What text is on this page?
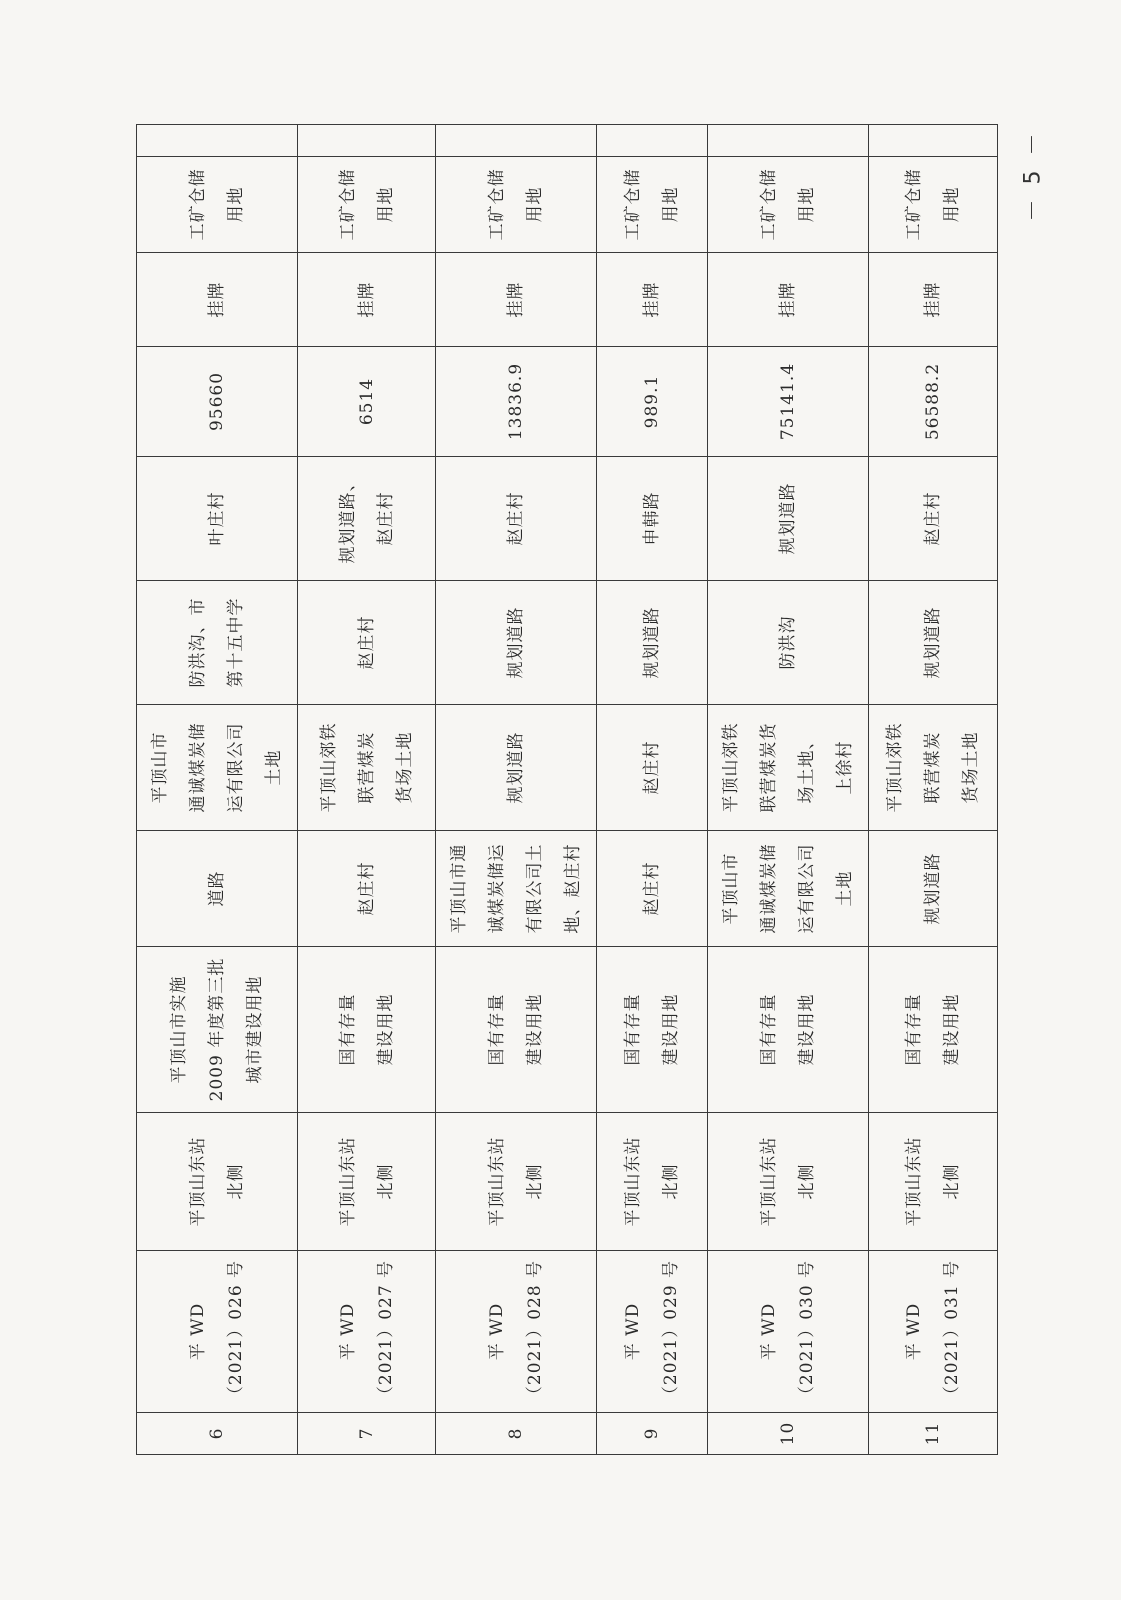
6	平 WD
（2021）026 号	平顶山东站
北侧	平顶山市实施
2009 年度第三批
城市建设用地	道路	平顶山市
通诚煤炭储
运有限公司
土地	防洪沟、市
第十五中学	叶庄村	95660	挂牌	工矿仓储
用地	
7	平 WD
（2021）027 号	平顶山东站
北侧	国有存量
建设用地	赵庄村	平顶山郊铁
联营煤炭
货场土地	赵庄村	规划道路、
赵庄村	6514	挂牌	工矿仓储
用地	
8	平 WD
（2021）028 号	平顶山东站
北侧	国有存量
建设用地	平顶山市通
诚煤炭储运
有限公司土
地、赵庄村	规划道路	规划道路	赵庄村	13836.9	挂牌	工矿仓储
用地	
9	平 WD
（2021）029 号	平顶山东站
北侧	国有存量
建设用地	赵庄村	赵庄村	规划道路	申韩路	989.1	挂牌	工矿仓储
用地	
10	平 WD
（2021）030 号	平顶山东站
北侧	国有存量
建设用地	平顶山市
通诚煤炭储
运有限公司
土地	平顶山郊铁
联营煤炭货
场土地、
上徐村	防洪沟	规划道路	75141.4	挂牌	工矿仓储
用地	
11	平 WD
（2021）031 号	平顶山东站
北侧	国有存量
建设用地	规划道路	平顶山郊铁
联营煤炭
货场土地	规划道路	赵庄村	56588.2	挂牌	工矿仓储
用地		－ 5 －
